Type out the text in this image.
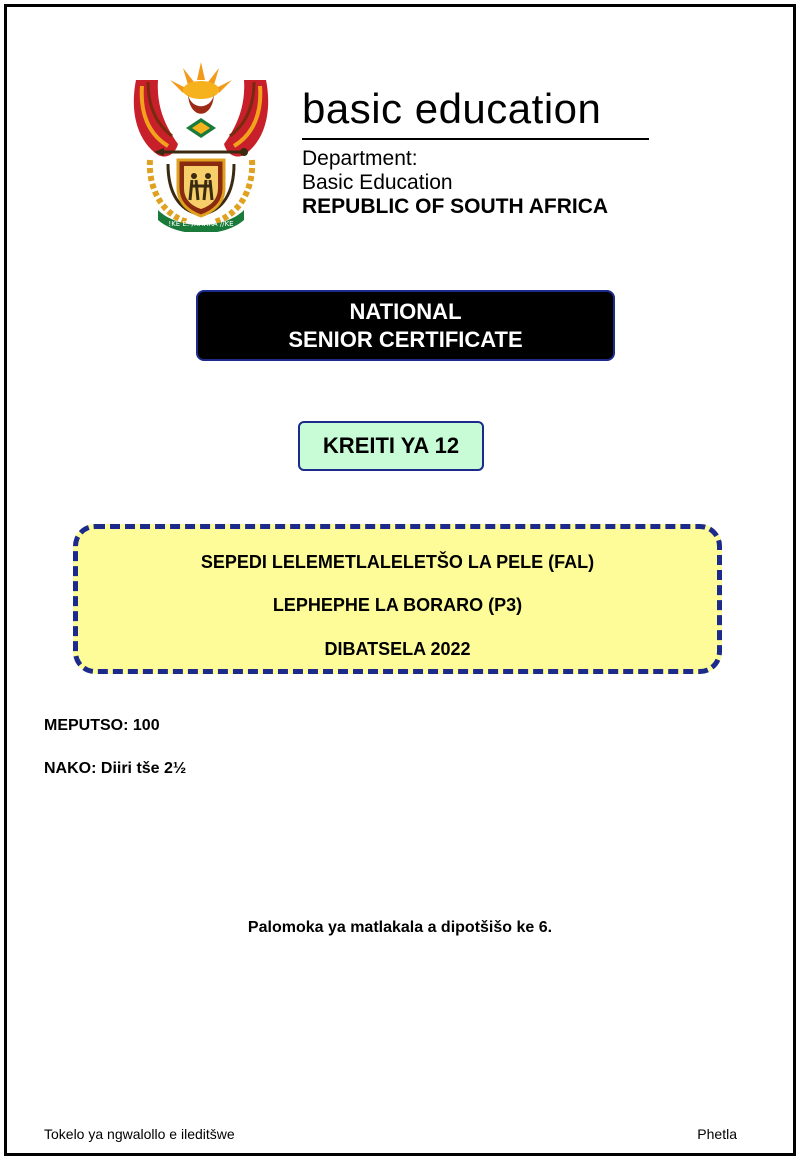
!KE E: /XARRA //KE
basic education
Department:
Basic Education
REPUBLIC OF SOUTH AFRICA
NATIONAL
SENIOR CERTIFICATE
KREITI YA 12
SEPEDI LELEMETLALELETŠO LA PELE (FAL)
LEPHEPHE LA BORARO (P3)
DIBATSELA 2022
MEPUTSO: 100
NAKO: Diiri tše 2½
Palomoka ya matlakala a dipotšišo ke 6.
Tokelo ya ngwalollo e ileditšwe	Phetla
